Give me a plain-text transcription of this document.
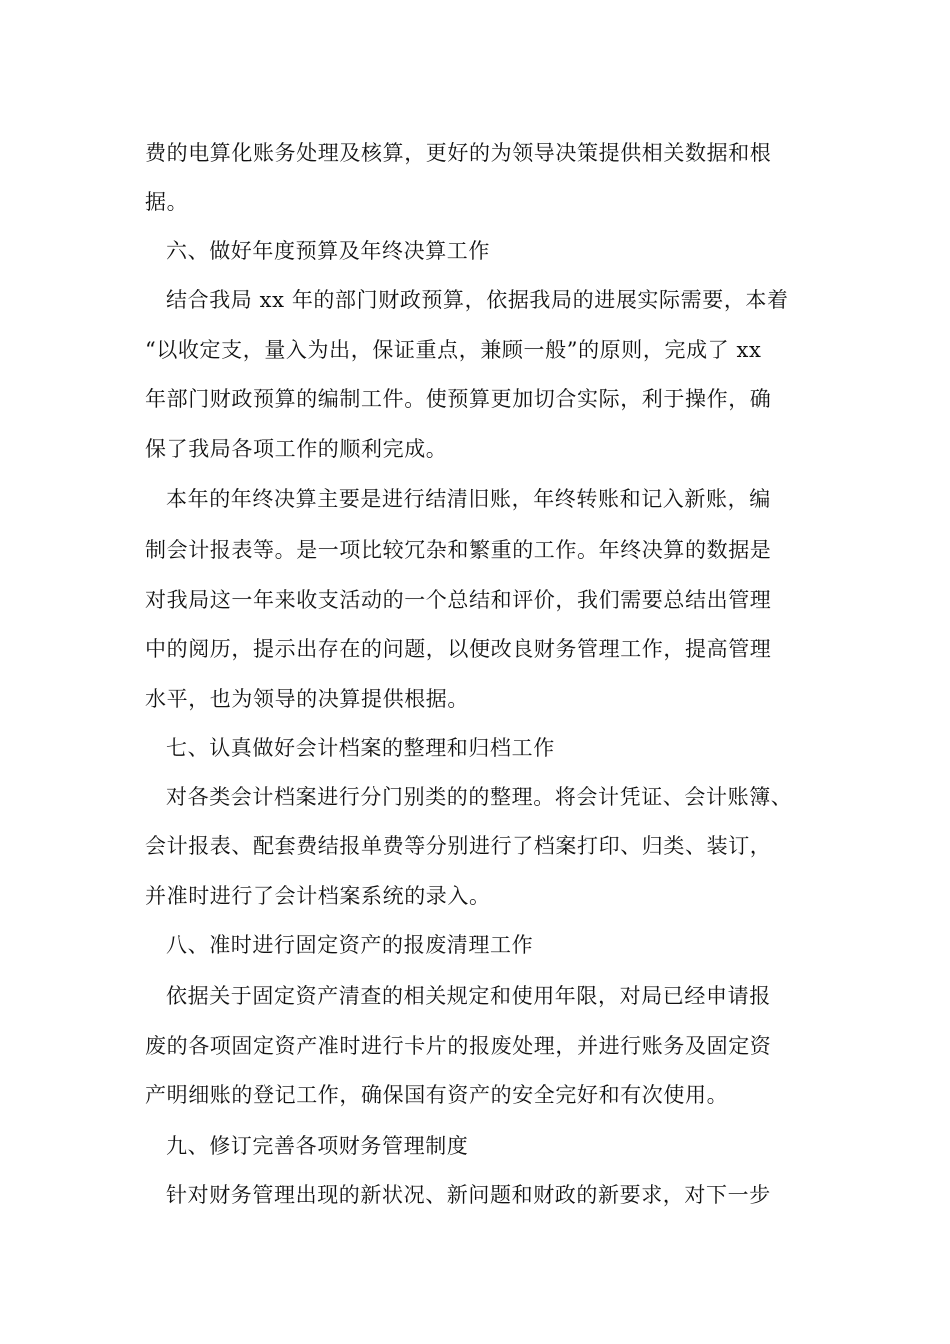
费的电算化账务处理及核算，更好的为领导决策提供相关数据和根
据。
六、做好年度预算及年终决算工作
结合我局 xx 年的部门财政预算，依据我局的进展实际需要，本着
“以收定支，量入为出，保证重点，兼顾一般”的原则，完成了 xx
年部门财政预算的编制工件。使预算更加切合实际，利于操作，确
保了我局各项工作的顺利完成。
本年的年终决算主要是进行结清旧账，年终转账和记入新账，编
制会计报表等。是一项比较冗杂和繁重的工作。年终决算的数据是
对我局这一年来收支活动的一个总结和评价，我们需要总结出管理
中的阅历，提示出存在的问题，以便改良财务管理工作，提高管理
水平，也为领导的决算提供根据。
七、认真做好会计档案的整理和归档工作
对各类会计档案进行分门别类的的整理。将会计凭证、会计账簿、
会计报表、配套费结报单费等分别进行了档案打印、归类、装订，
并准时进行了会计档案系统的录入。
八、准时进行固定资产的报废清理工作
依据关于固定资产清查的相关规定和使用年限，对局已经申请报
废的各项固定资产准时进行卡片的报废处理，并进行账务及固定资
产明细账的登记工作，确保国有资产的安全完好和有次使用。
九、修订完善各项财务管理制度
针对财务管理出现的新状况、新问题和财政的新要求，对下一步
